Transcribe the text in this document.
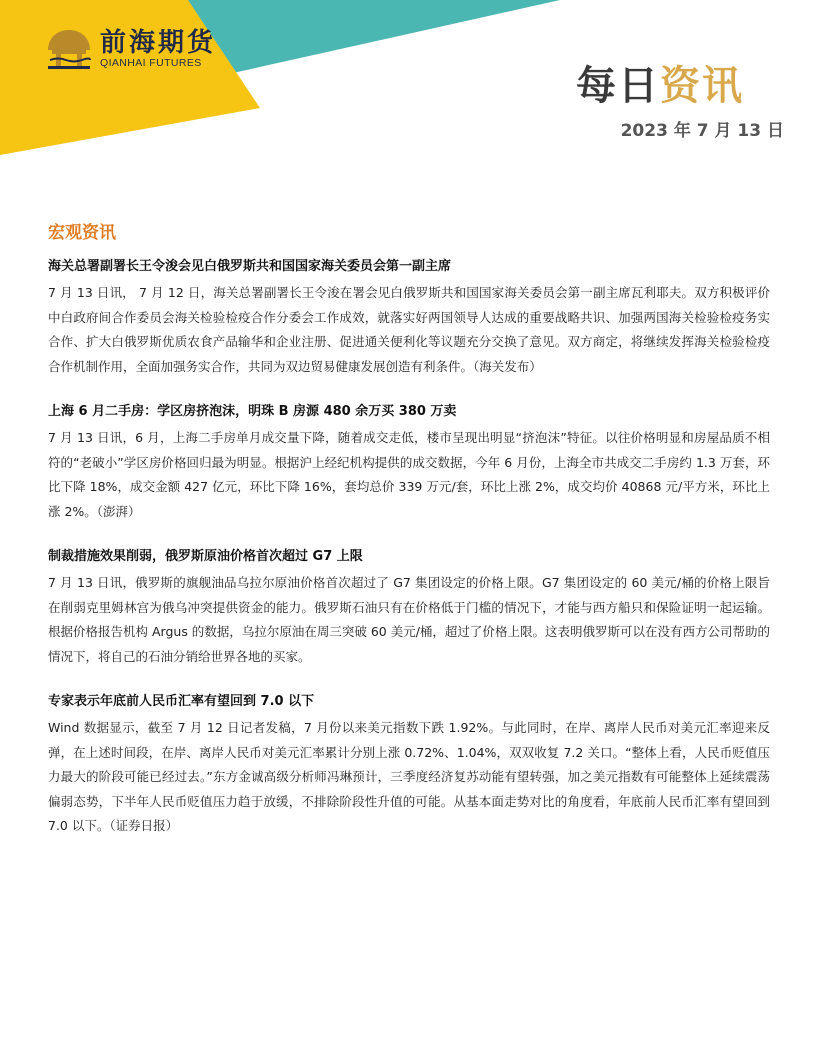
前海期货
QIANHAI FUTURES	每日资讯
2023 年 7 月 13 日
宏观资讯
海关总署副署长王令浚会见白俄罗斯共和国国家海关委员会第一副主席
7 月 13 日讯， 7 月 12 日，海关总署副署长王令浚在署会见白俄罗斯共和国国家海关委员会第一副主席瓦利耶夫。双方积极评价中白政府间合作委员会海关检验检疫合作分委会工作成效，就落实好两国领导人达成的重要战略共识、加强两国海关检验检疫务实合作、扩大白俄罗斯优质农食产品输华和企业注册、促进通关便利化等议题充分交换了意见。双方商定，将继续发挥海关检验检疫合作机制作用，全面加强务实合作，共同为双边贸易健康发展创造有利条件。（海关发布）
上海 6 月二手房：学区房挤泡沫，明珠 B 房源 480 余万买 380 万卖
7 月 13 日讯，6 月，上海二手房单月成交量下降，随着成交走低，楼市呈现出明显“挤泡沫”特征。以往价格明显和房屋品质不相符的“老破小”学区房价格回归最为明显。根据沪上经纪机构提供的成交数据，今年 6 月份，上海全市共成交二手房约 1.3 万套，环比下降 18%，成交金额 427 亿元，环比下降 16%，套均总价 339 万元/套，环比上涨 2%，成交均价 40868 元/平方米，环比上涨 2%。（澎湃）
制裁措施效果削弱，俄罗斯原油价格首次超过 G7 上限
7 月 13 日讯，俄罗斯的旗舰油品乌拉尔原油价格首次超过了 G7 集团设定的价格上限。G7 集团设定的 60 美元/桶的价格上限旨在削弱克里姆林宫为俄乌冲突提供资金的能力。俄罗斯石油只有在价格低于门槛的情况下，才能与西方船只和保险证明一起运输。根据价格报告机构 Argus 的数据，乌拉尔原油在周三突破 60 美元/桶，超过了价格上限。这表明俄罗斯可以在没有西方公司帮助的情况下，将自己的石油分销给世界各地的买家。
专家表示年底前人民币汇率有望回到 7.0 以下
Wind 数据显示，截至 7 月 12 日记者发稿，7 月份以来美元指数下跌 1.92%。与此同时，在岸、离岸人民币对美元汇率迎来反弹，在上述时间段，在岸、离岸人民币对美元汇率累计分别上涨 0.72%、1.04%，双双收复 7.2 关口。“整体上看，人民币贬值压力最大的阶段可能已经过去。”东方金诚高级分析师冯琳预计，三季度经济复苏动能有望转强，加之美元指数有可能整体上延续震荡偏弱态势，下半年人民币贬值压力趋于放缓，不排除阶段性升值的可能。从基本面走势对比的角度看，年底前人民币汇率有望回到 7.0 以下。（证券日报）
